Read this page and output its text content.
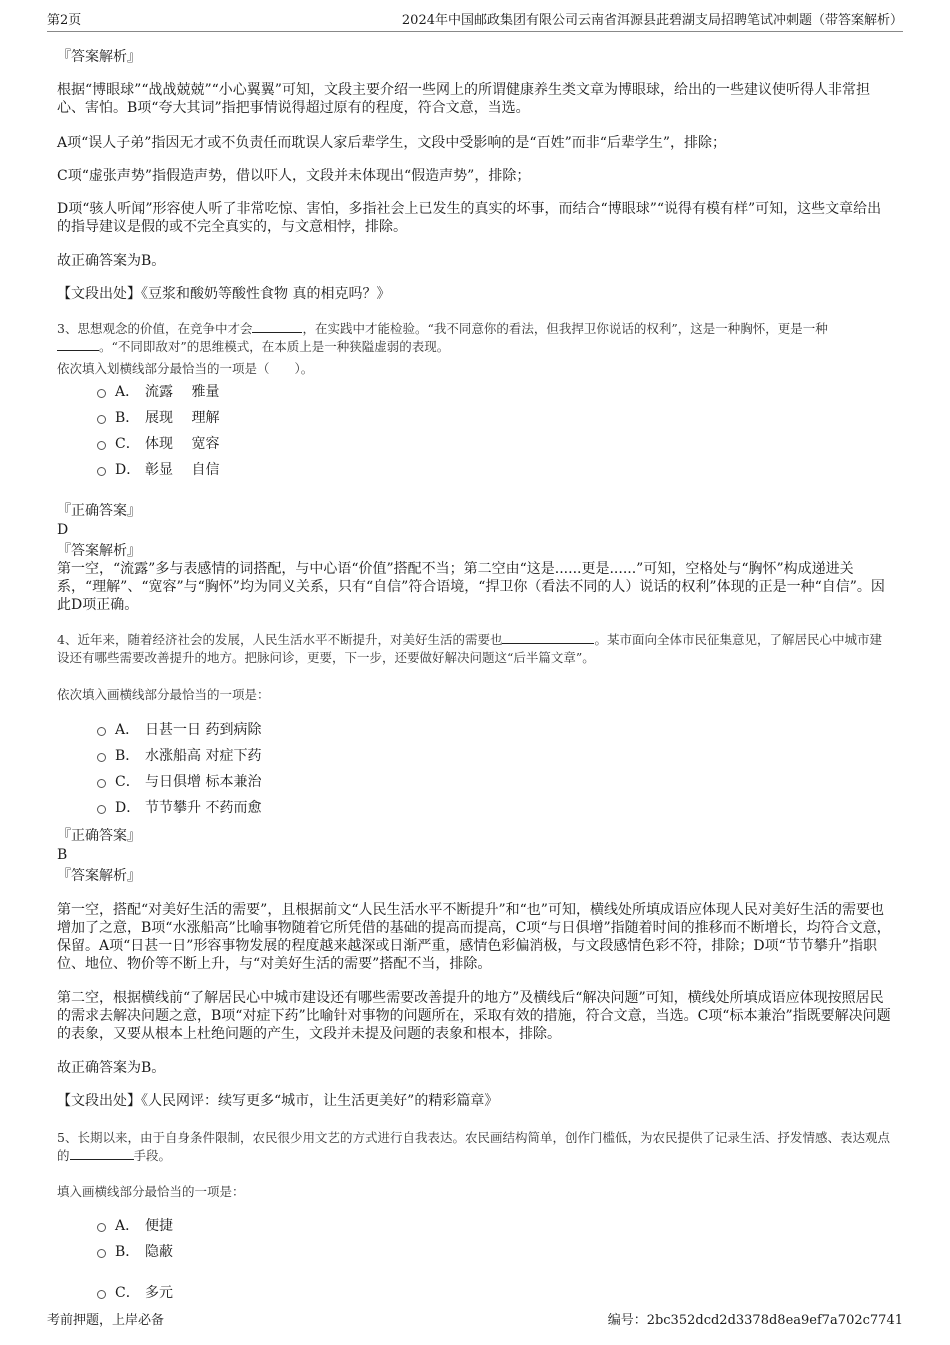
第2页	2024年中国邮政集团有限公司云南省洱源县茈碧湖支局招聘笔试冲刺题（带答案解析）
『答案解析』
根据“博眼球”“战战兢兢”“小心翼翼”可知，文段主要介绍一些网上的所谓健康养生类文章为博眼球，给出的一些建议使听得人非常担心、害怕。B项“夸大其词”指把事情说得超过原有的程度，符合文意，当选。
A项“误人子弟”指因无才或不负责任而耽误人家后辈学生，文段中受影响的是“百姓”而非“后辈学生”，排除；
C项“虚张声势”指假造声势，借以吓人，文段并未体现出“假造声势”，排除；
D项“骇人听闻”形容使人听了非常吃惊、害怕，多指社会上已发生的真实的坏事，而结合“博眼球”“说得有模有样”可知，这些文章给出的指导建议是假的或不完全真实的，与文意相悖，排除。
故正确答案为B。
【文段出处】《豆浆和酸奶等酸性食物 真的相克吗？》
3、思想观念的价值，在竞争中才会	，在实践中才能检验。“我不同意你的看法，但我捍卫你说话的权利”，这是一种胸怀，更是一种
。“不同即敌对”的思维模式，在本质上是一种狭隘虚弱的表现。
依次填入划横线部分最恰当的一项是（　　）。
A． 流露　 雅量
B． 展现　 理解
C． 体现　 宽容
D． 彰显　 自信
『正确答案』
D
『答案解析』
第一空，“流露”多与表感情的词搭配，与中心语“价值”搭配不当；第二空由“这是......更是......”可知，空格处与“胸怀”构成递进关系，“理解”、“宽容”与“胸怀”均为同义关系，只有“自信”符合语境，“捍卫你（看法不同的人）说话的权利”体现的正是一种“自信”。因此D项正确。
4、近年来，随着经济社会的发展，人民生活水平不断提升，对美好生活的需要也	。某市面向全体市民征集意见，了解居民心中城市建设还有哪些需要改善提升的地方。把脉问诊，更要，下一步，还要做好解决问题这“后半篇文章”。
依次填入画横线部分最恰当的一项是：
A． 日甚一日 药到病除
B． 水涨船高 对症下药
C． 与日俱增 标本兼治
D． 节节攀升 不药而愈
『正确答案』
B
『答案解析』
第一空，搭配“对美好生活的需要”，且根据前文“人民生活水平不断提升”和“也”可知，横线处所填成语应体现人民对美好生活的需要也增加了之意，B项“水涨船高”比喻事物随着它所凭借的基础的提高而提高，C项“与日俱增”指随着时间的推移而不断增长，均符合文意，保留。A项“日甚一日”形容事物发展的程度越来越深或日渐严重，感情色彩偏消极，与文段感情色彩不符，排除；D项“节节攀升”指职位、地位、物价等不断上升，与“对美好生活的需要”搭配不当，排除。
第二空，根据横线前“了解居民心中城市建设还有哪些需要改善提升的地方”及横线后“解决问题”可知，横线处所填成语应体现按照居民的需求去解决问题之意，B项“对症下药”比喻针对事物的问题所在，采取有效的措施，符合文意，当选。C项“标本兼治”指既要解决问题的表象，又要从根本上杜绝问题的产生，文段并未提及问题的表象和根本，排除。
故正确答案为B。
【文段出处】《人民网评：续写更多“城市，让生活更美好”的精彩篇章》
5、长期以来，由于自身条件限制，农民很少用文艺的方式进行自我表达。农民画结构简单，创作门槛低，为农民提供了记录生活、抒发情感、表达观点的	手段。
填入画横线部分最恰当的一项是：
A． 便捷
B． 隐蔽
C． 多元
考前押题，上岸必备	编号：2bc352dcd2d3378d8ea9ef7a702c7741
